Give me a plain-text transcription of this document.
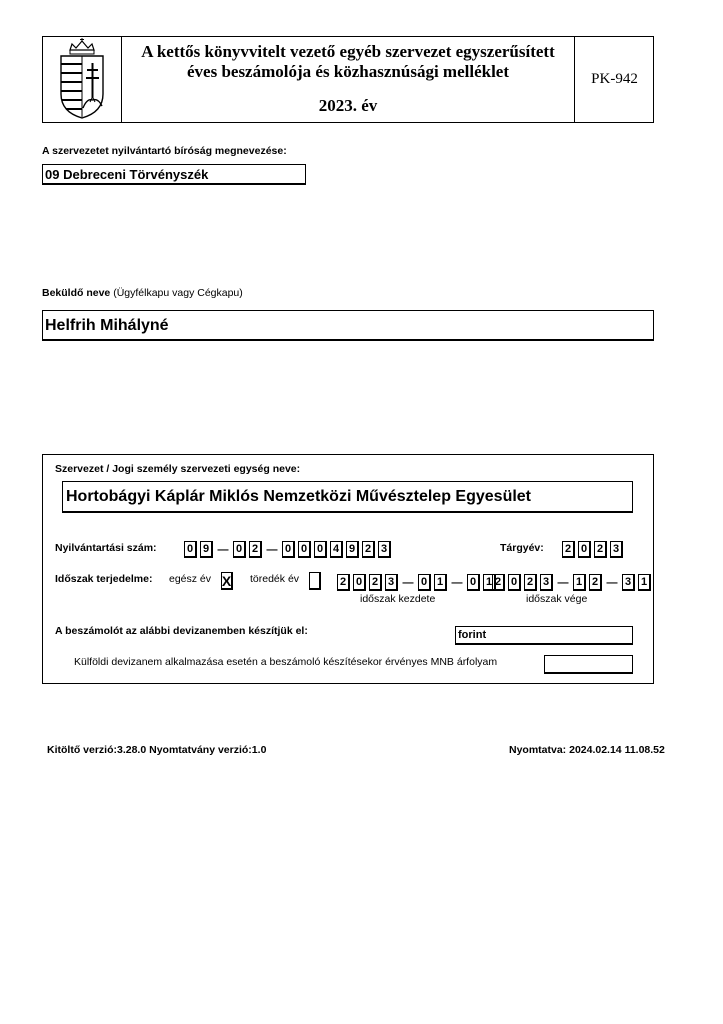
A kettős könyvvitelt vezető egyéb szervezet egyszerűsített
éves beszámolója és közhasznúsági melléklet
2023. év
PK-942
A szervezetet nyilvántartó bíróság megnevezése:
09 Debreceni Törvényszék
Beküldő neve (Ügyfélkapu vagy Cégkapu)
Helfrih Mihályné
Szervezet / Jogi személy szervezeti egység neve:
Hortobágyi Káplár Miklós Nemzetközi Művésztelep Egyesület
Nyilvántartási szám:	0 9 — 0 2 — 0 0 0 4 9 2 3	Tárgyév: 2 0 2 3
Időszak terjedelme: egész év X töredék év	2 0 2 3 — 0 1 — 0 1
időszak kezdete
2 0 2 3 — 1 2 — 3 1
időszak vége
A beszámolót az alábbi devizanemben készítjük el:	forint
Külföldi devizanem alkalmazása esetén a beszámoló készítésekor érvényes MNB árfolyam
Kitöltő verzió:3.28.0 Nyomtatvány verzió:1.0	Nyomtatva: 2024.02.14 11.08.52
